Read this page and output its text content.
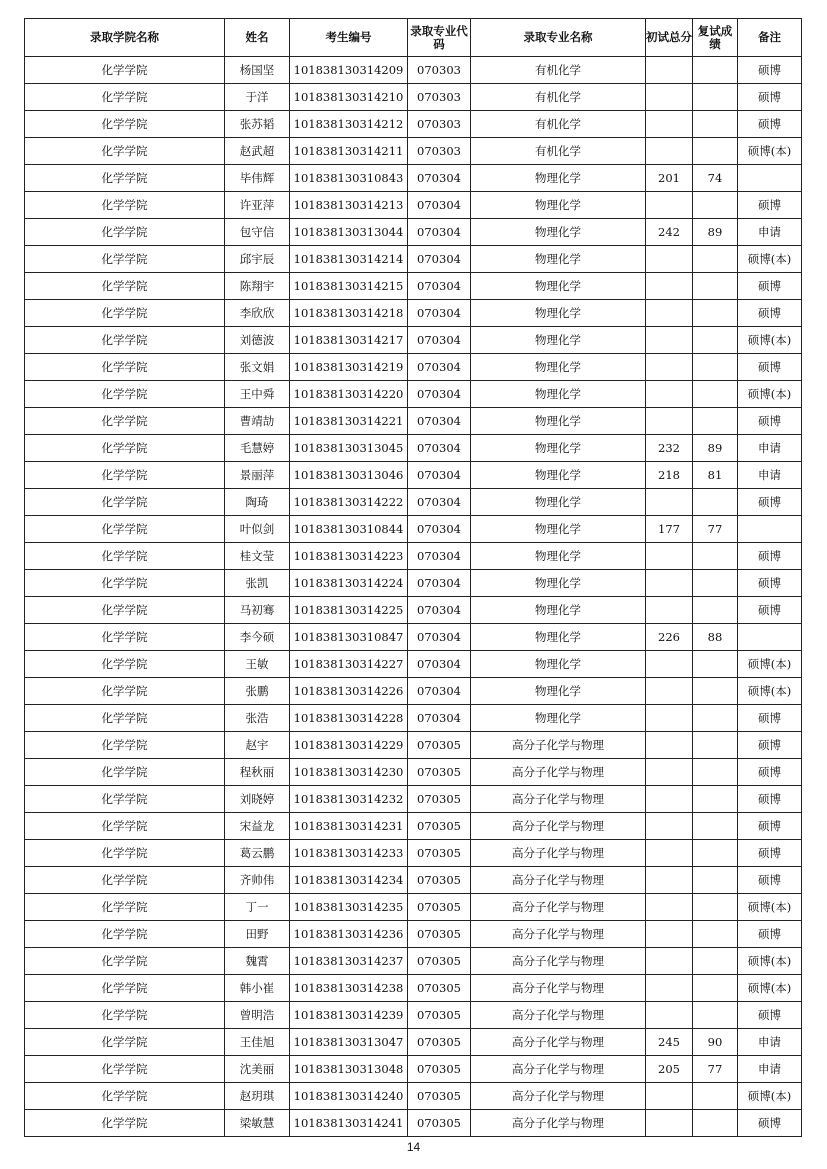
录取学院名称	姓名	考生编号	录取专业代码	录取专业名称	初试总分	复试成绩	备注
化学学院	杨国坚	101838130314209	070303	有机化学			硕博
化学学院	于洋	101838130314210	070303	有机化学			硕博
化学学院	张苏韬	101838130314212	070303	有机化学			硕博
化学学院	赵武超	101838130314211	070303	有机化学			硕博(本)
化学学院	毕伟辉	101838130310843	070304	物理化学	201	74	
化学学院	许亚萍	101838130314213	070304	物理化学			硕博
化学学院	包守信	101838130313044	070304	物理化学	242	89	申请
化学学院	邱宇辰	101838130314214	070304	物理化学			硕博(本)
化学学院	陈翔宇	101838130314215	070304	物理化学			硕博
化学学院	李欣欣	101838130314218	070304	物理化学			硕博
化学学院	刘德波	101838130314217	070304	物理化学			硕博(本)
化学学院	张文娟	101838130314219	070304	物理化学			硕博
化学学院	王中舜	101838130314220	070304	物理化学			硕博(本)
化学学院	曹靖劼	101838130314221	070304	物理化学			硕博
化学学院	毛慧婷	101838130313045	070304	物理化学	232	89	申请
化学学院	景丽萍	101838130313046	070304	物理化学	218	81	申请
化学学院	陶琦	101838130314222	070304	物理化学			硕博
化学学院	叶似剑	101838130310844	070304	物理化学	177	77	
化学学院	桂文莹	101838130314223	070304	物理化学			硕博
化学学院	张凯	101838130314224	070304	物理化学			硕博
化学学院	马初骞	101838130314225	070304	物理化学			硕博
化学学院	李今硕	101838130310847	070304	物理化学	226	88	
化学学院	王敏	101838130314227	070304	物理化学			硕博(本)
化学学院	张鹏	101838130314226	070304	物理化学			硕博(本)
化学学院	张浩	101838130314228	070304	物理化学			硕博
化学学院	赵宇	101838130314229	070305	高分子化学与物理			硕博
化学学院	程秋丽	101838130314230	070305	高分子化学与物理			硕博
化学学院	刘晓婷	101838130314232	070305	高分子化学与物理			硕博
化学学院	宋益龙	101838130314231	070305	高分子化学与物理			硕博
化学学院	葛云鹏	101838130314233	070305	高分子化学与物理			硕博
化学学院	齐帅伟	101838130314234	070305	高分子化学与物理			硕博
化学学院	丁一	101838130314235	070305	高分子化学与物理			硕博(本)
化学学院	田野	101838130314236	070305	高分子化学与物理			硕博
化学学院	魏霄	101838130314237	070305	高分子化学与物理			硕博(本)
化学学院	韩小崔	101838130314238	070305	高分子化学与物理			硕博(本)
化学学院	曾明浩	101838130314239	070305	高分子化学与物理			硕博
化学学院	王佳旭	101838130313047	070305	高分子化学与物理	245	90	申请
化学学院	沈美丽	101838130313048	070305	高分子化学与物理	205	77	申请
化学学院	赵玥琪	101838130314240	070305	高分子化学与物理			硕博(本)
化学学院	梁敏慧	101838130314241	070305	高分子化学与物理			硕博
14
